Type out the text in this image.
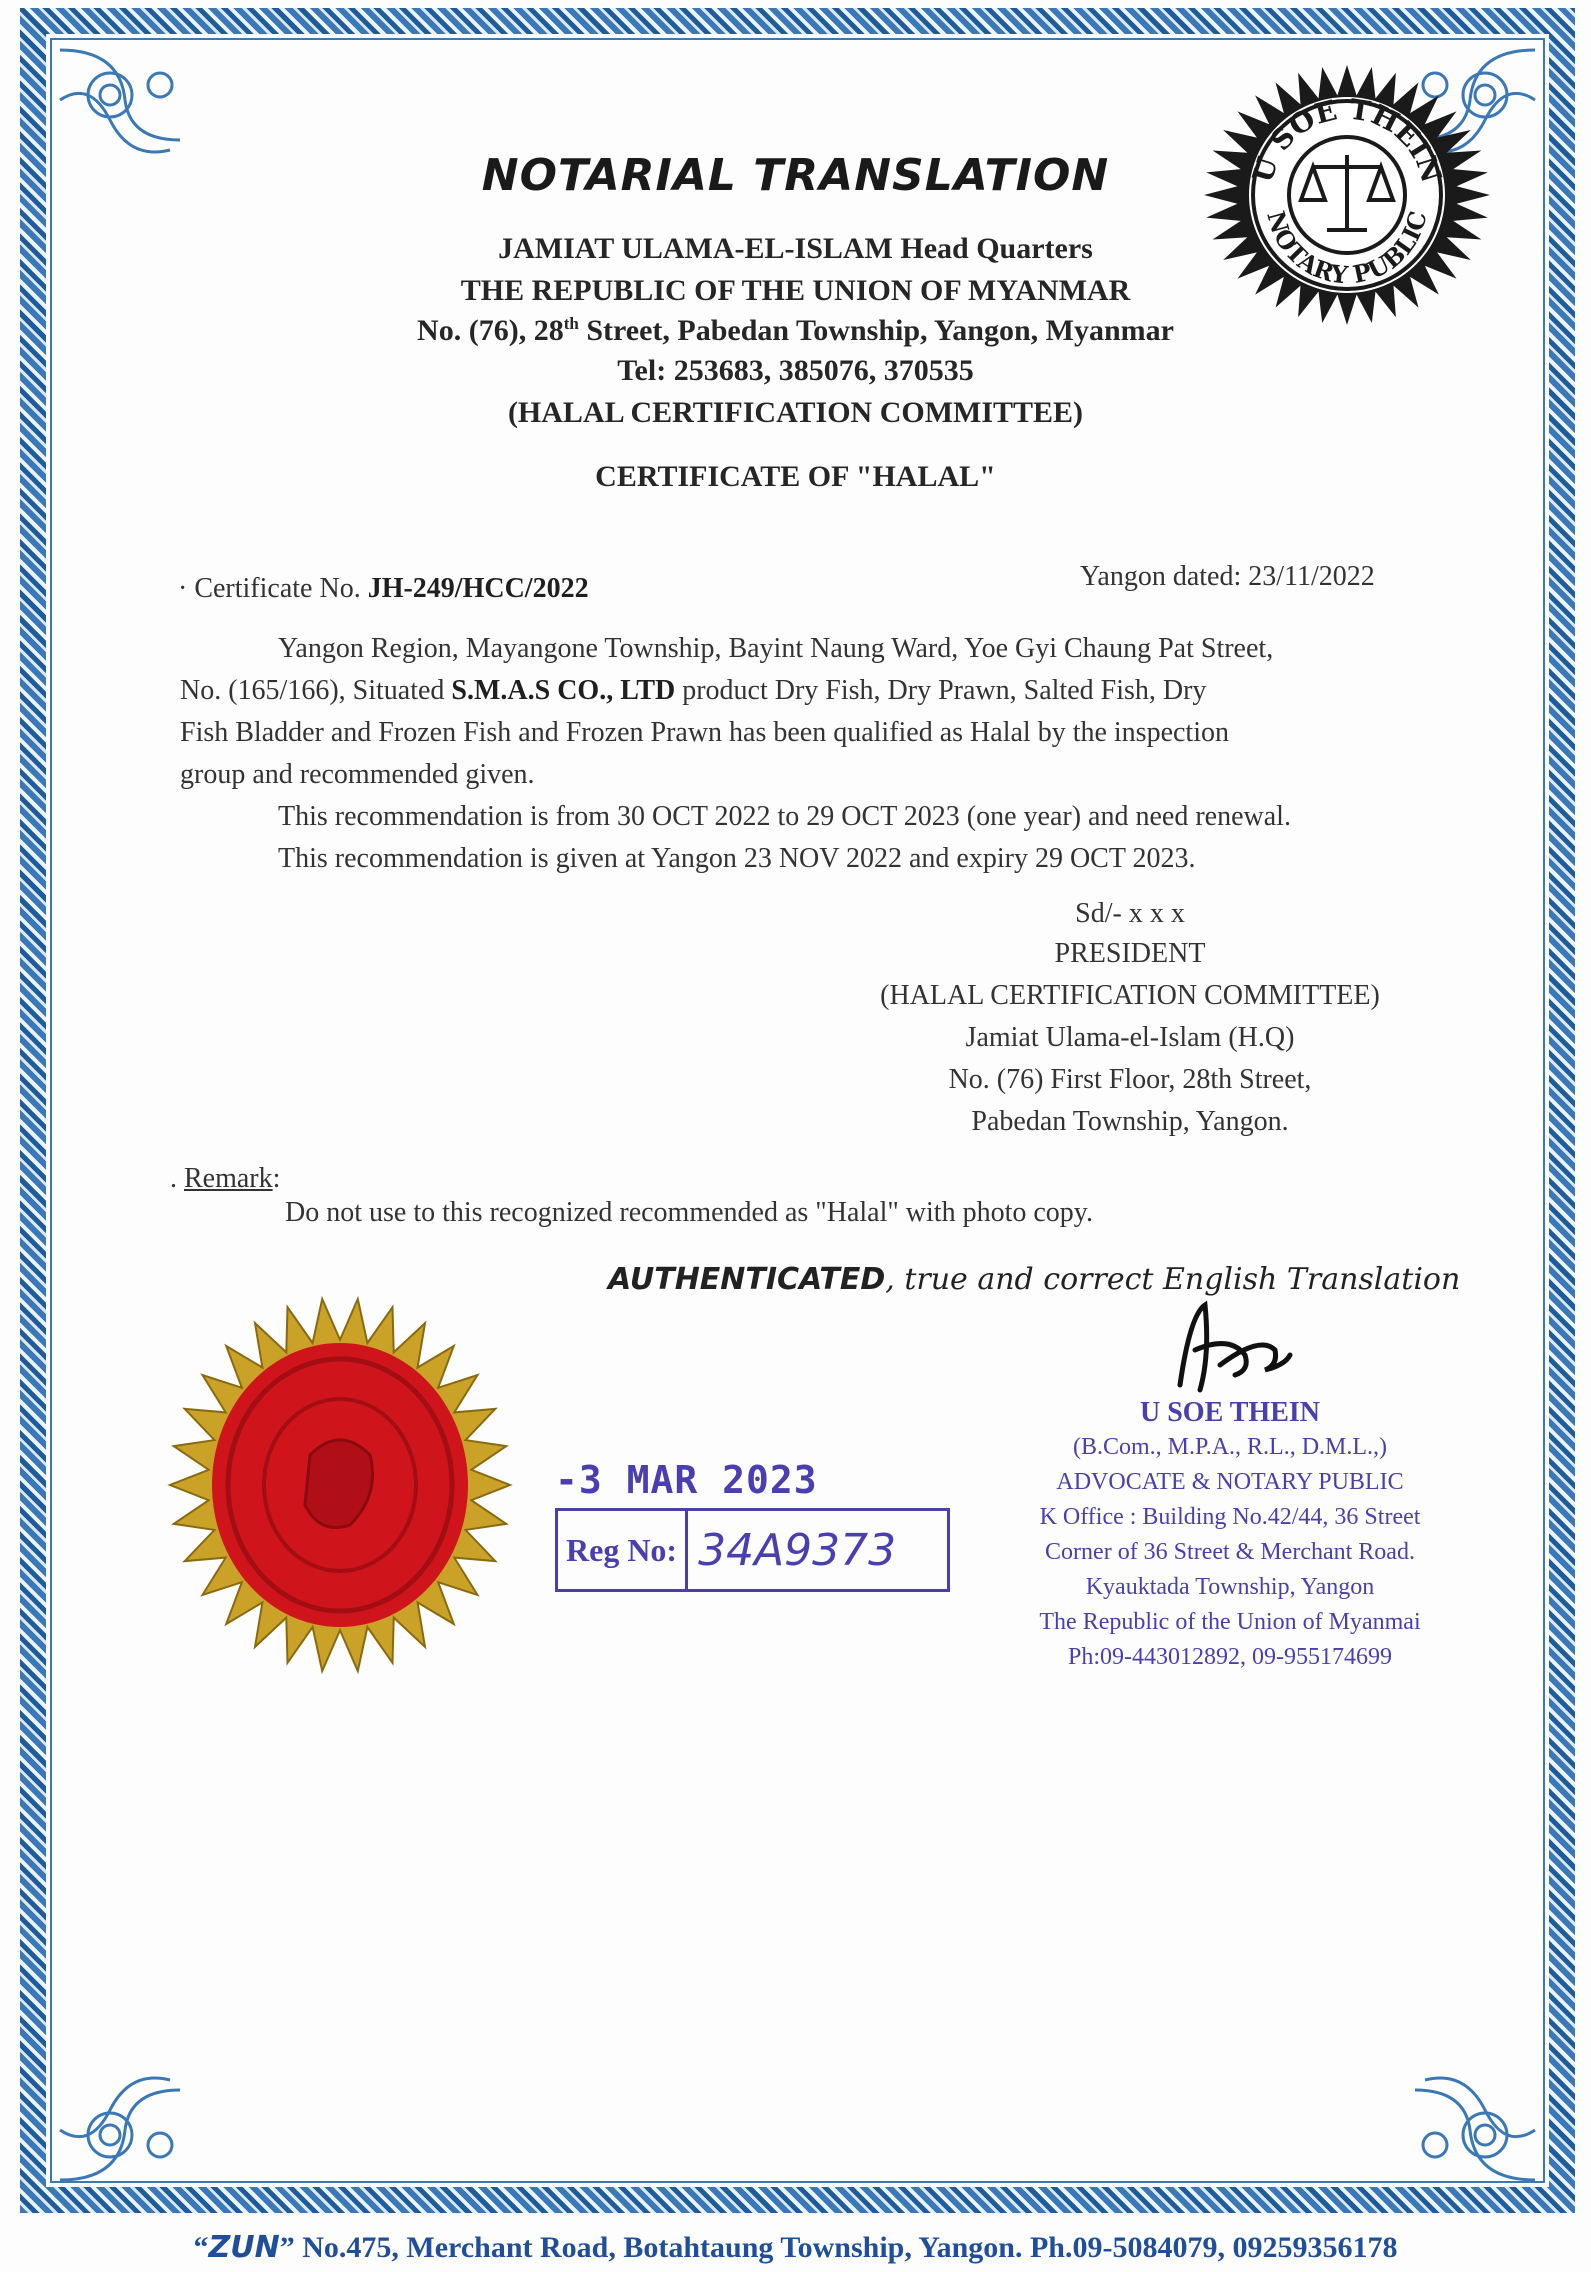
U SOE THEIN
NOTARY PUBLIC
NOTARIAL TRANSLATION
JAMIAT ULAMA-EL-ISLAM Head Quarters
THE REPUBLIC OF THE UNION OF MYANMAR
No. (76), 28th Street, Pabedan Township, Yangon, Myanmar
Tel: 253683, 385076, 370535
(HALAL CERTIFICATION COMMITTEE)
CERTIFICATE OF "HALAL"
· Certificate No. JH-249/HCC/2022	Yangon dated: 23/11/2022
Yangon Region, Mayangone Township, Bayint Naung Ward, Yoe Gyi Chaung Pat Street,
No. (165/166), Situated S.M.A.S CO., LTD product Dry Fish, Dry Prawn, Salted Fish, Dry
Fish Bladder and Frozen Fish and Frozen Prawn has been qualified as Halal by the inspection
group and recommended given.
This recommendation is from 30 OCT 2022 to 29 OCT 2023 (one year) and need renewal.
This recommendation is given at Yangon 23 NOV 2022 and expiry 29 OCT 2023.
Sd/- x x x
PRESIDENT
(HALAL CERTIFICATION COMMITTEE)
Jamiat Ulama-el-Islam (H.Q)
No. (76) First Floor, 28th Street,
Pabedan Township, Yangon.
. Remark:
Do not use to this recognized recommended as "Halal" with photo copy.
AUTHENTICATED, true and correct English Translation
-3 MAR 2023
Reg No: 34A9373
U SOE THEIN
(B.Com., M.P.A., R.L., D.M.L.,)
ADVOCATE & NOTARY PUBLIC
K Office : Building No.42/44, 36 Street
Corner of 36 Street & Merchant Road.
Kyauktada Township, Yangon
The Republic of the Union of Myanmai
Ph:09-443012892, 09-955174699
“ZUN” No.475, Merchant Road, Botahtaung Township, Yangon. Ph.09-5084079, 09259356178
